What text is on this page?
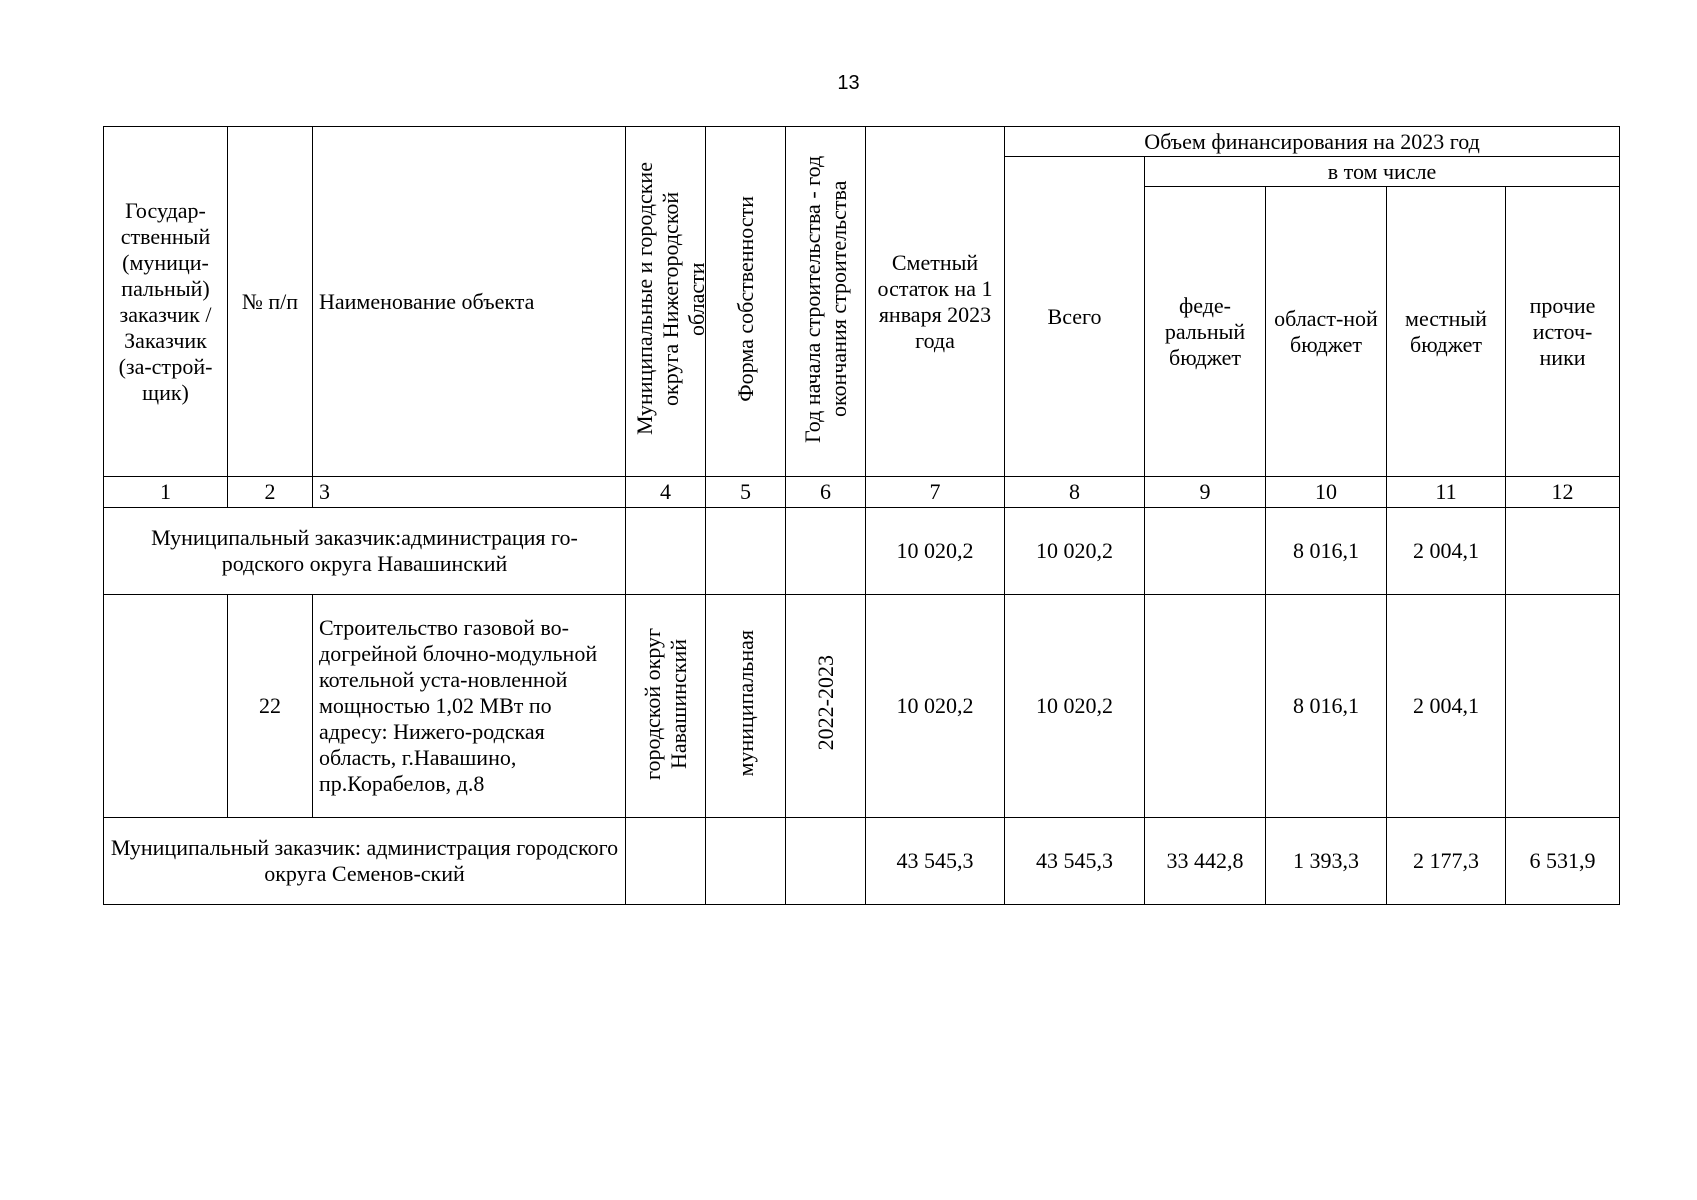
13
Государ-ственный (муници-пальный) заказчик / Заказчик (за-строй-щик)	№ п/п	Наименование объекта	Муниципальные и городские округа Нижегородской области	Форма собственности	Год начала строительства - год окончания строительства	Сметный остаток на 1 января 2023 года	Объем финансирования на 2023 год				
							Всего	в том числе			
								феде-ральный бюджет	област-ной бюджет	местный бюджет	прочие источ-ники
1	2	3	4	5	6	7	8	9	10	11	12
Муниципальный заказчик:администрация го-родского округа Навашинский						10 020,2	10 020,2		8 016,1	2 004,1	
	22	Строительство газовой во-догрейной блочно-модульной котельной уста-новленной мощностью 1,02 МВт по адресу: Нижего-родская область, г.Навашино, пр.Корабелов, д.8	городской округ Навашинский	муниципальная	2022-2023	10 020,2	10 020,2		8 016,1	2 004,1	
Муниципальный заказчик: администрация городского округа Семенов-ский						43 545,3	43 545,3	33 442,8	1 393,3	2 177,3	6 531,9
